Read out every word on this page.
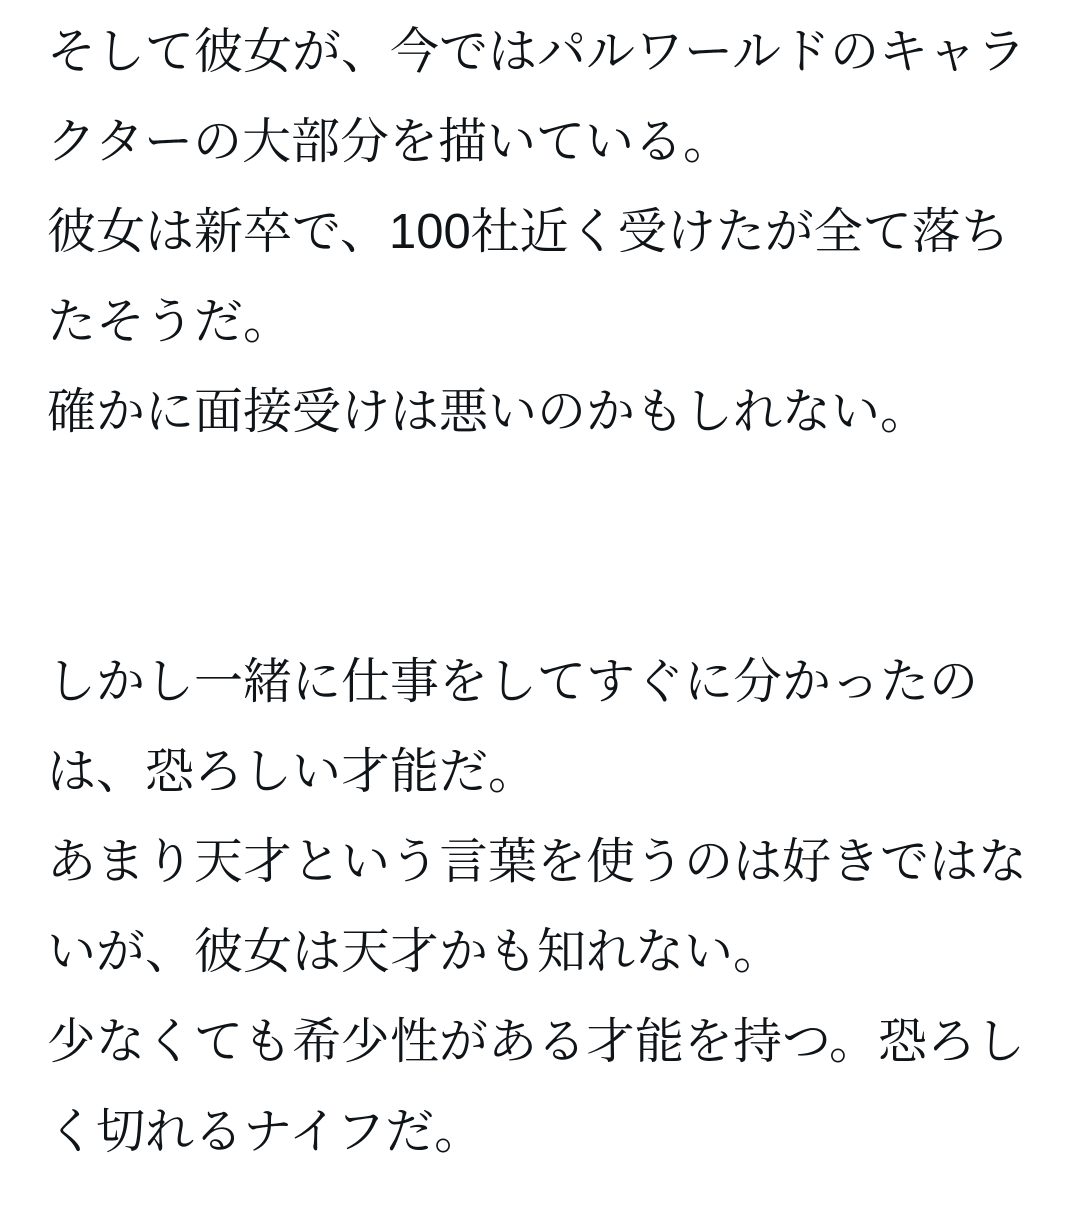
そして彼女が、今ではパルワールドのキャラクターの大部分を描いている。

彼女は新卒で、100社近く受けたが全て落ちたそうだ。

確かに面接受けは悪いのかもしれない。

しかし一緒に仕事をしてすぐに分かったのは、恐ろしい才能だ。

あまり天才という言葉を使うのは好きではないが、彼女は天才かも知れない。

少なくても希少性がある才能を持つ。恐ろしく切れるナイフだ。
